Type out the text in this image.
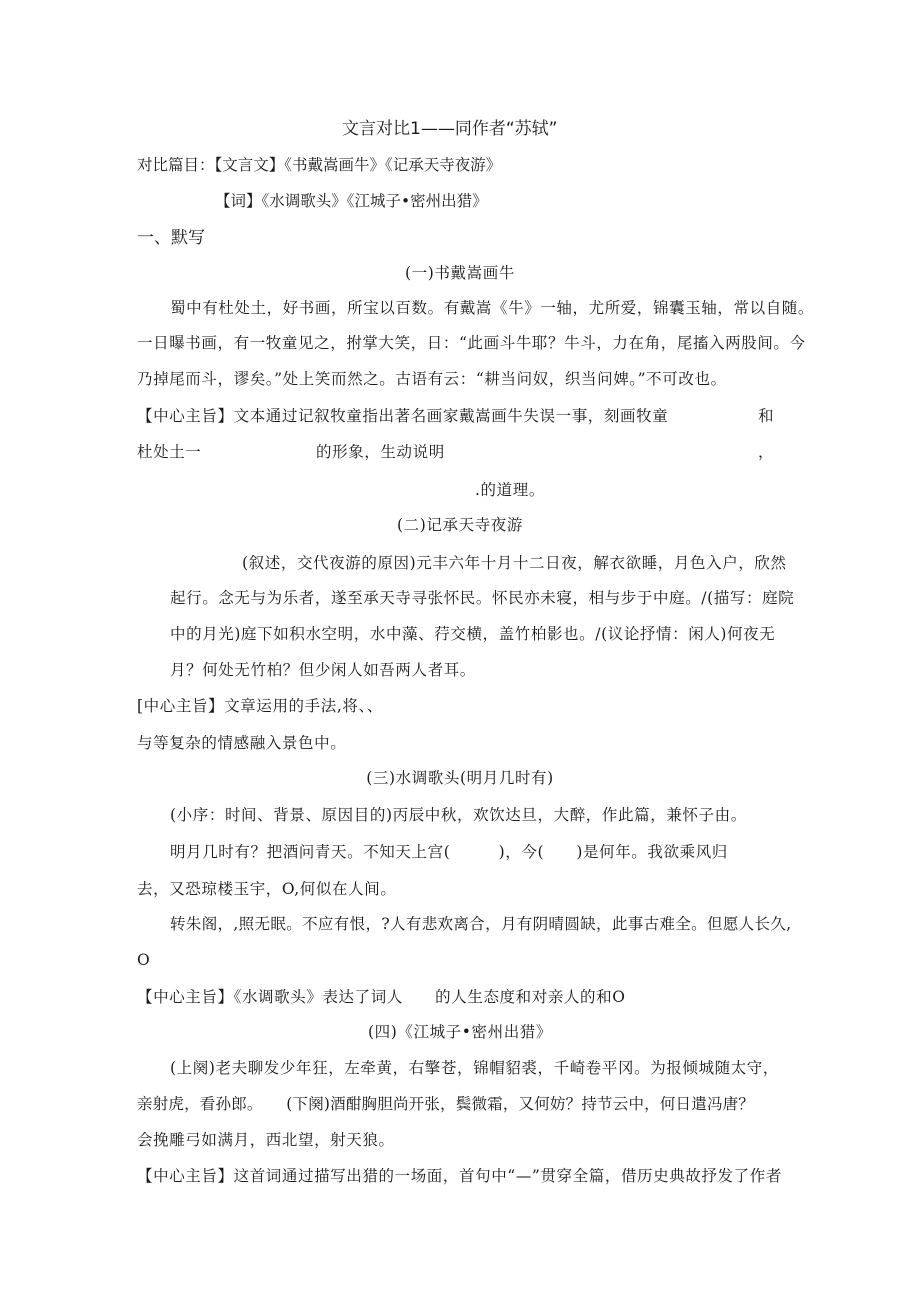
文言对比1——同作者“苏轼”
对比篇目：【文言文】《书戴嵩画牛》《记承天寺夜游》
【词】《水调歌头》《江城子•密州出猎》
一、默写
(一)书戴嵩画牛
蜀中有杜处土，好书画，所宝以百数。有戴嵩《牛》一轴，尤所爱，锦囊玉轴，常以自随。
一日曝书画，有一牧童见之，拊掌大笑，日：“此画斗牛耶？牛斗，力在角，尾搐入两股间。今
乃掉尾而斗，谬矣。”处上笑而然之。古语有云：“耕当问奴，织当问婢。”不可改也。
【中心主旨】文本通过记叙牧童指出著名画家戴嵩画牛失误一事，刻画牧童	和
杜处土一	的形象，生动说明	，
.的道理。
(二)记承天寺夜游
(叙述，交代夜游的原因)元丰六年十月十二日夜，解衣欲睡，月色入户，欣然
起行。念无与为乐者，遂至承天寺寻张怀民。怀民亦未寝，相与步于中庭。/(描写：庭院
中的月光)庭下如积水空明，水中藻、荇交横，盖竹柏影也。/(议论抒情：闲人)何夜无
月？何处无竹柏？但少闲人如吾两人者耳。
[中心主旨】文章运用的手法,将、、
与等复杂的情感融入景色中。
(三)水调歌头(明月几时有)
(小序：时间、背景、原因目的)丙辰中秋，欢饮达旦，大醉，作此篇，兼怀子由。
明月几时有？把酒问青天。不知天上宫(　　　)，今(　　)是何年。我欲乘风归
去，又恐琼楼玉宇，O,何似在人间。
转朱阁，,照无眠。不应有恨，?人有悲欢离合，月有阴晴圆缺，此事古难全。但愿人长久,
O
【中心主旨】《水调歌头》表达了词人　　的人生态度和对亲人的和O
(四)《江城子•密州出猎》
(上阕)老夫聊发少年狂，左牵黄，右擎苍，锦帽貂裘，千崎卷平冈。为报倾城随太守，
亲射虎，看孙郎。　　(下阕)酒酣胸胆尚开张，鬓微霜，又何妨？持节云中，何日遣冯唐？
会挽雕弓如满月，西北望，射天狼。
【中心主旨】这首词通过描写出猎的一场面，首句中“—”贯穿全篇，借历史典故抒发了作者
